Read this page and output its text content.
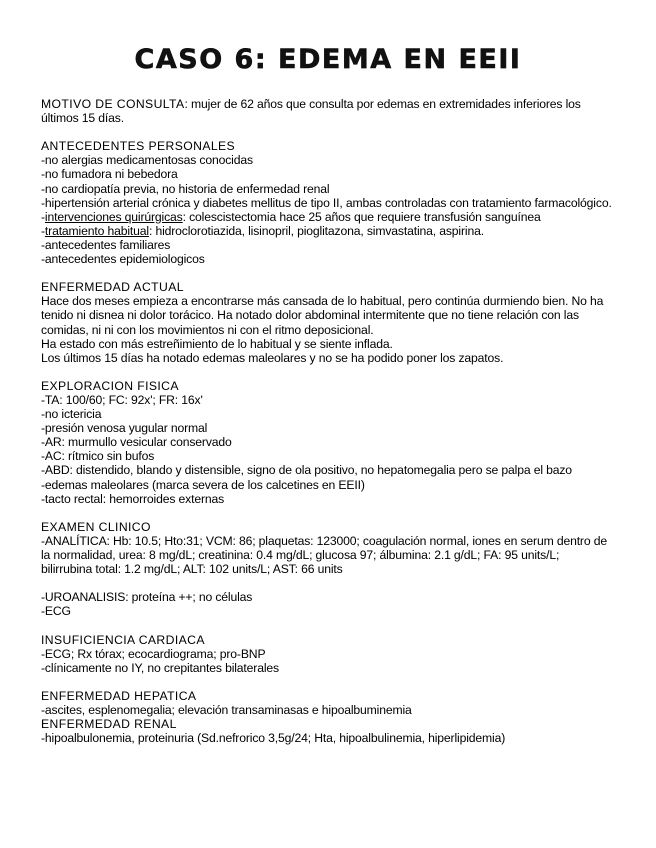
CASO 6: EDEMA EN EEII
MOTIVO DE CONSULTA: mujer de 62 años que consulta por edemas en extremidades inferiores los últimos 15 días.
ANTECEDENTES PERSONALES
-no alergias medicamentosas conocidas
-no fumadora ni bebedora
-no cardiopatía previa, no historia de enfermedad renal
-hipertensión arterial crónica y diabetes mellitus de tipo II, ambas controladas con tratamiento farmacológico.
-intervenciones quirúrgicas: colescistectomia hace 25 años que requiere transfusión sanguínea
-tratamiento habitual: hidroclorotiazida, lisinopril, pioglitazona, simvastatina, aspirina.
-antecedentes familiares
-antecedentes epidemiologicos
ENFERMEDAD ACTUAL
Hace dos meses empieza a encontrarse más cansada de lo habitual, pero continúa durmiendo bien. No ha tenido ni disnea ni dolor torácico. Ha notado dolor abdominal intermitente que no tiene relación con las comidas, ni ni con los movimientos ni con el ritmo deposicional.
Ha estado con más estreñimiento de lo habitual y se siente inflada.
Los últimos 15 días ha notado edemas maleolares y no se ha podido poner los zapatos.
EXPLORACION FISICA
-TA: 100/60; FC: 92x'; FR: 16x'
-no ictericia
-presión venosa yugular normal
-AR: murmullo vesicular conservado
-AC: rítmico sin bufos
-ABD: distendido, blando y distensible, signo de ola positivo, no hepatomegalia pero se palpa el bazo
-edemas maleolares (marca severa de los calcetines en EEII)
-tacto rectal: hemorroides externas
EXAMEN CLINICO
-ANALÍTICA: Hb: 10.5; Hto:31; VCM: 86; plaquetas: 123000; coagulación normal, iones en serum dentro de la normalidad, urea: 8 mg/dL; creatinina: 0.4 mg/dL; glucosa 97; álbumina: 2.1 g/dL; FA: 95 units/L; bilirrubina total: 1.2 mg/dL; ALT: 102 units/L; AST: 66 units
-UROANALISIS: proteína ++; no células
-ECG
INSUFICIENCIA CARDIACA
-ECG; Rx tórax; ecocardiograma; pro-BNP
-clínicamente no IY, no crepitantes bilaterales
ENFERMEDAD HEPATICA
-ascites, esplenomegalia; elevación transaminasas e hipoalbuminemia
ENFERMEDAD RENAL
-hipoalbulonemia, proteinuria (Sd.nefrorico 3,5g/24; Hta, hipoalbulinemia, hiperlipidemia)
